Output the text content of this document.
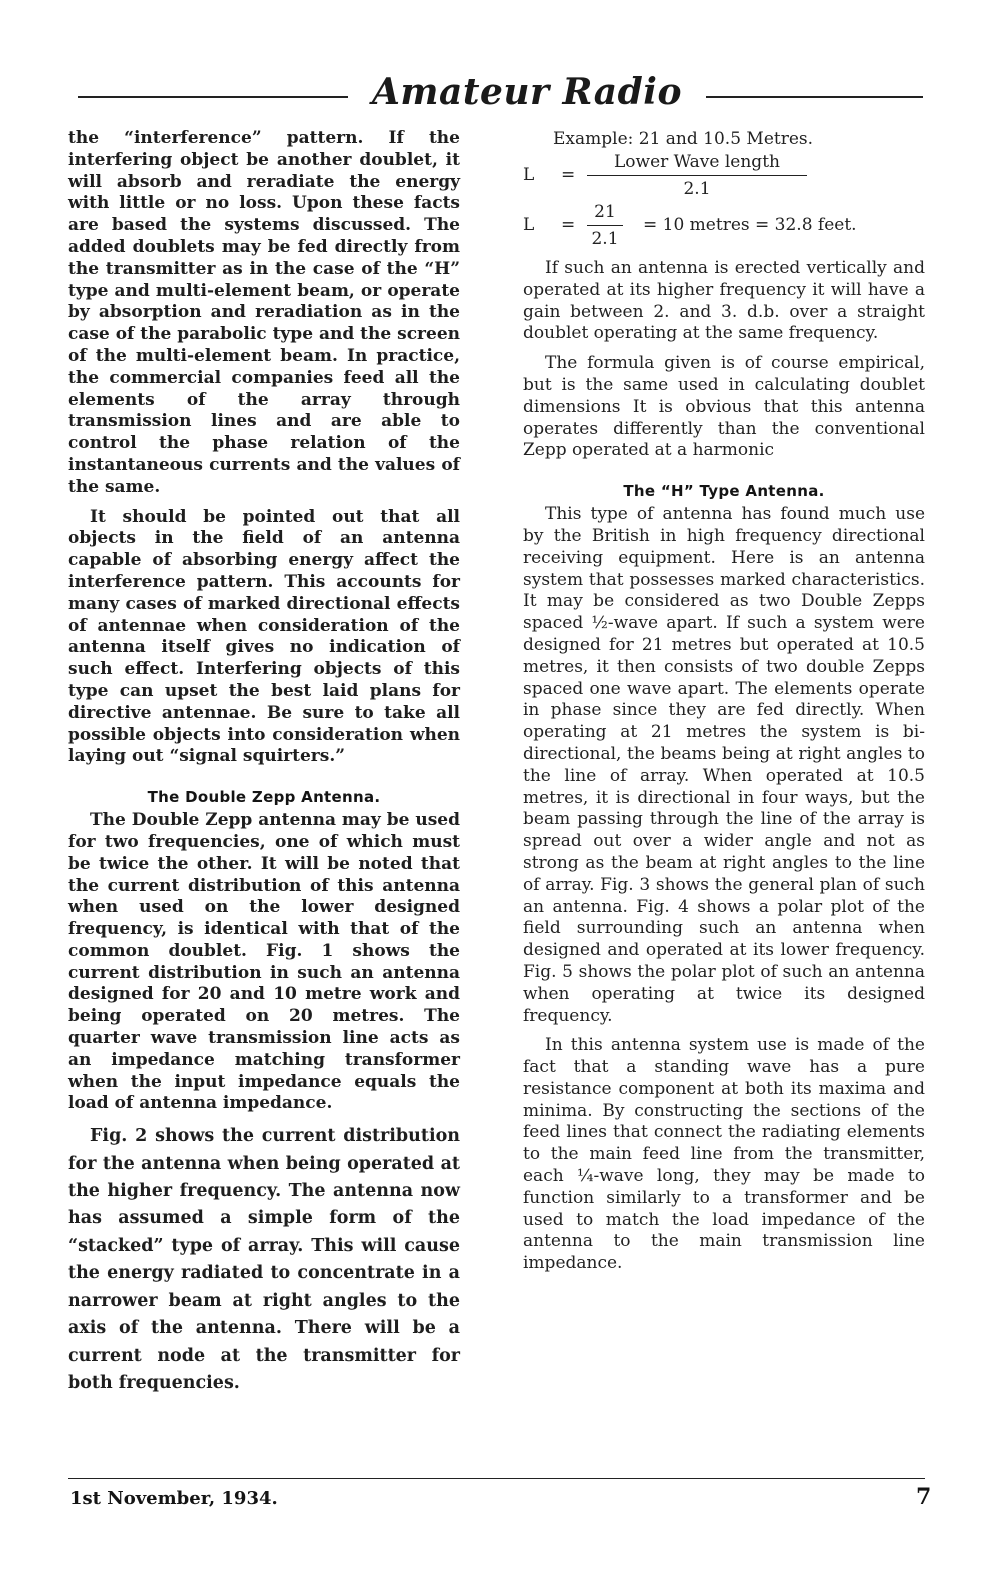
Amateur Radio

the “interference” pattern. If the interfering object be another doublet, it will absorb and reradiate the energy with little or no loss. Upon these facts are based the systems discussed. The added doublets may be fed directly from the transmitter as in the case of the “H” type and multi-element beam, or operate by absorption and reradiation as in the case of the parabolic type and the screen of the multi-element beam. In practice, the commercial companies feed all the elements of the array through transmission lines and are able to control the phase relation of the instantaneous currents and the values of the same.

It should be pointed out that all objects in the field of an antenna capable of absorbing energy affect the interference pattern. This accounts for many cases of marked directional effects of antennae when consideration of the antenna itself gives no indication of such effect. Interfering objects of this type can upset the best laid plans for directive antennae. Be sure to take all possible objects into consideration when laying out “signal squirters.”

The Double Zepp Antenna.

The Double Zepp antenna may be used for two frequencies, one of which must be twice the other. It will be noted that the current distribution of this antenna when used on the lower designed frequency, is identical with that of the common doublet. Fig. 1 shows the current distribution in such an antenna designed for 20 and 10 metre work and being operated on 20 metres. The quarter wave transmission line acts as an impedance matching transformer when the input impedance equals the load of antenna impedance.

Fig. 2 shows the current distribution for the antenna when being operated at the higher frequency. The antenna now has assumed a simple form of the “stacked” type of array. This will cause the energy radiated to concentrate in a narrower beam at right angles to the axis of the antenna. There will be a current node at the transmitter for both frequencies.

Example: 21 and 10.5 Metres.
L	= $\frac{\text{Lower Wave length}}{2.1}$
L	= $\frac{21}{2.1}$	= 10 metres = 32.8 feet.

If such an antenna is erected vertically and operated at its higher frequency it will have a gain between 2. and 3. d.b. over a straight doublet operating at the same frequency.

The formula given is of course empirical, but is the same used in calculating doublet dimensions It is obvious that this antenna operates differently than the conventional Zepp operated at a harmonic

The “H” Type Antenna.

This type of antenna has found much use by the British in high frequency directional receiving equipment. Here is an antenna system that possesses marked characteristics. It may be considered as two Double Zepps spaced ½-wave apart. If such a system were designed for 21 metres but operated at 10.5 metres, it then consists of two double Zepps spaced one wave apart. The elements operate in phase since they are fed directly. When operating at 21 metres the system is bi-directional, the beams being at right angles to the line of array. When operated at 10.5 metres, it is directional in four ways, but the beam passing through the line of the array is spread out over a wider angle and not as strong as the beam at right angles to the line of array. Fig. 3 shows the general plan of such an antenna. Fig. 4 shows a polar plot of the field surrounding such an antenna when designed and operated at its lower frequency. Fig. 5 shows the polar plot of such an antenna when operating at twice its designed frequency.

In this antenna system use is made of the fact that a standing wave has a pure resistance component at both its maxima and minima. By constructing the sections of the feed lines that connect the radiating elements to the main feed line from the transmitter, each ¼-wave long, they may be made to function similarly to a transformer and be used to match the load impedance of the antenna to the main transmission line impedance.

1st November, 1934.	7
